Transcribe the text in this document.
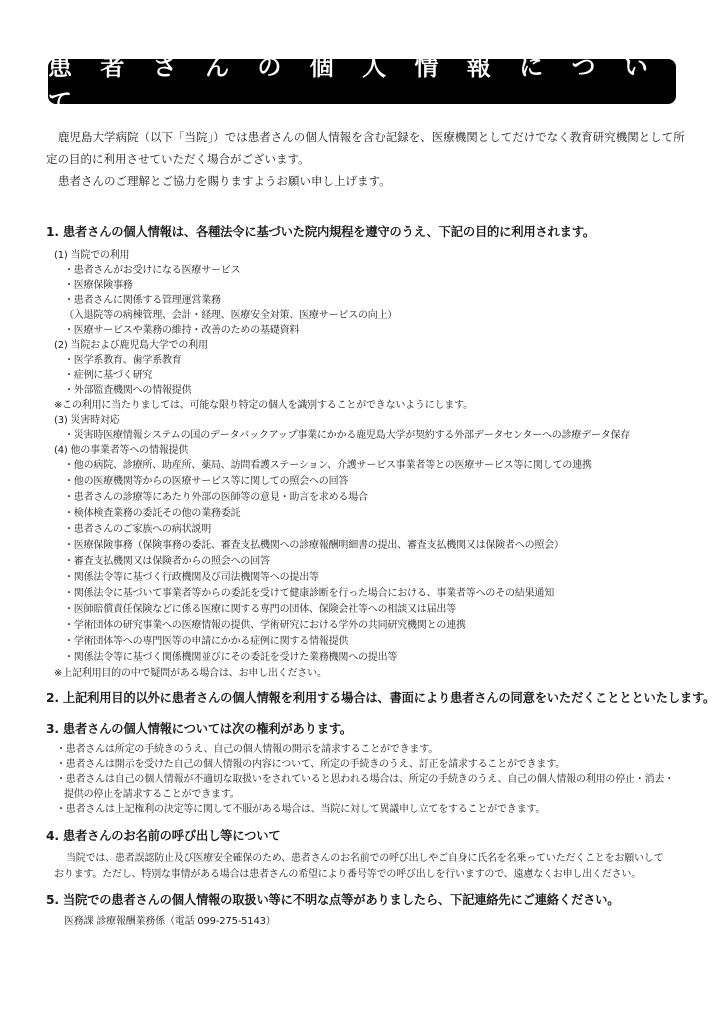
患 者 さ ん の 個 人 情 報 に つ い て

鹿児島大学病院（以下「当院」）では患者さんの個人情報を含む記録を、医療機関としてだけでなく教育研究機関として所

定の目的に利用させていただく場合がございます。

患者さんのご理解とご協力を賜りますようお願い申し上げます。

1. 患者さんの個人情報は、各種法令に基づいた院内規程を遵守のうえ、下記の目的に利用されます。
(1) 当院での利用
・患者さんがお受けになる医療サービス
・医療保険事務
・患者さんに関係する管理運営業務
（入退院等の病棟管理、会計・経理、医療安全対策、医療サービスの向上）
・医療サービスや業務の維持・改善のための基礎資料
(2) 当院および鹿児島大学での利用
・医学系教育、歯学系教育
・症例に基づく研究
・外部監査機関への情報提供
※この利用に当たりましては、可能な限り特定の個人を識別することができないようにします。
(3) 災害時対応
・災害時医療情報システムの国のデータバックアップ事業にかかる鹿児島大学が契約する外部データセンターへの診療データ保存
(4) 他の事業者等への情報提供
・他の病院、診療所、助産所、薬局、訪問看護ステーション、介護サービス事業者等との医療サービス等に関しての連携
・他の医療機関等からの医療サービス等に関しての照会への回答
・患者さんの診療等にあたり外部の医師等の意見・助言を求める場合
・検体検査業務の委託その他の業務委託
・患者さんのご家族への病状説明
・医療保険事務（保険事務の委託、審査支払機関への診療報酬明細書の提出、審査支払機関又は保険者への照会）
・審査支払機関又は保険者からの照会への回答
・関係法令等に基づく行政機関及び司法機関等への提出等
・関係法令に基づいて事業者等からの委託を受けて健康診断を行った場合における、事業者等へのその結果通知
・医師賠償責任保険などに係る医療に関する専門の団体、保険会社等への相談又は届出等
・学術団体の研究事業への医療情報の提供、学術研究における学外の共同研究機関との連携
・学術団体等への専門医等の申請にかかる症例に関する情報提供
・関係法令等に基づく関係機関並びにその委託を受けた業務機関への提出等
※上記利用目的の中で疑問がある場合は、お申し出ください。
2. 上記利用目的以外に患者さんの個人情報を利用する場合は、書面により患者さんの同意をいただくこととといたします。
3. 患者さんの個人情報については次の権利があります。
・患者さんは所定の手続きのうえ、自己の個人情報の開示を請求することができます。
・患者さんは開示を受けた自己の個人情報の内容について、所定の手続きのうえ、訂正を請求することができます。
・患者さんは自己の個人情報が不適切な取扱いをされていると思われる場合は、所定の手続きのうえ、自己の個人情報の利用の停止・消去・
提供の停止を請求することができます。
・患者さんは上記権利の決定等に関して不服がある場合は、当院に対して異議申し立てをすることができます。
4. 患者さんのお名前の呼び出し等について
当院では、患者誤認防止及び医療安全確保のため、患者さんのお名前での呼び出しやご自身に氏名を名乗っていただくことをお願いして
おります。ただし、特別な事情がある場合は患者さんの希望により番号等での呼び出しを行いますので、遠慮なくお申し出ください。
5. 当院での患者さんの個人情報の取扱い等に不明な点等がありましたら、下記連絡先にご連絡ください。
医務課 診療報酬業務係（電話 099-275-5143）
